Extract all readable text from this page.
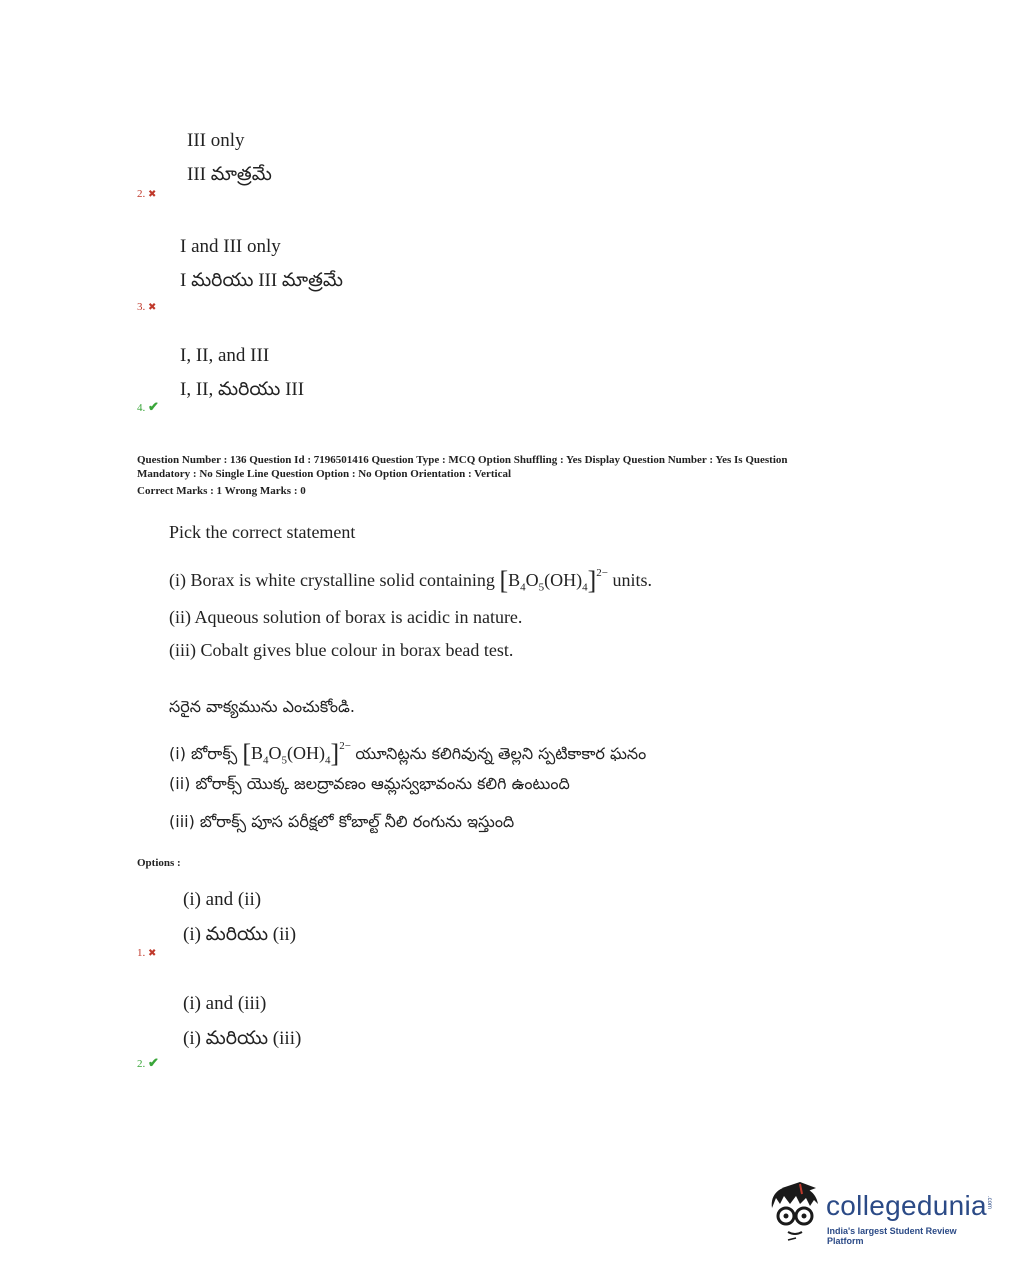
III only
III మాత్రమే
2. ✖
I and III only
I మరియు III మాత్రమే
3. ✖
I, II, and III
I, II, మరియు III
4. ✔
Question Number : 136 Question Id : 7196501416 Question Type : MCQ Option Shuffling : Yes Display Question Number : Yes Is Question
Mandatory : No Single Line Question Option : No Option Orientation : Vertical
Correct Marks : 1 Wrong Marks : 0
Pick the correct statement
(i) Borax is white crystalline solid containing $[B_4O_5(OH)_4]^{2-}$ units.
(ii) Aqueous solution of borax is acidic in nature.
(iii) Cobalt gives blue colour in borax bead test.
సరైన వాక్యమును ఎంచుకోండి.
(i) బోరాక్స్ $[B_4O_5(OH)_4]^{2-}$ యూనిట్లను కలిగివున్న తెల్లని స్పటికాకార ఘనం
(ii) బోరాక్స్ యొక్క జలద్రావణం ఆమ్లస్వభావంను కలిగి ఉంటుంది
(iii) బోరాక్స్ పూస పరీక్షలో కోబాల్ట్ నీలి రంగును ఇస్తుంది
Options :
(i) and (ii)
(i) మరియు (ii)
1. ✖
(i) and (iii)
(i) మరియు (iii)
2. ✔
collegedunia .com
India's largest Student Review Platform
